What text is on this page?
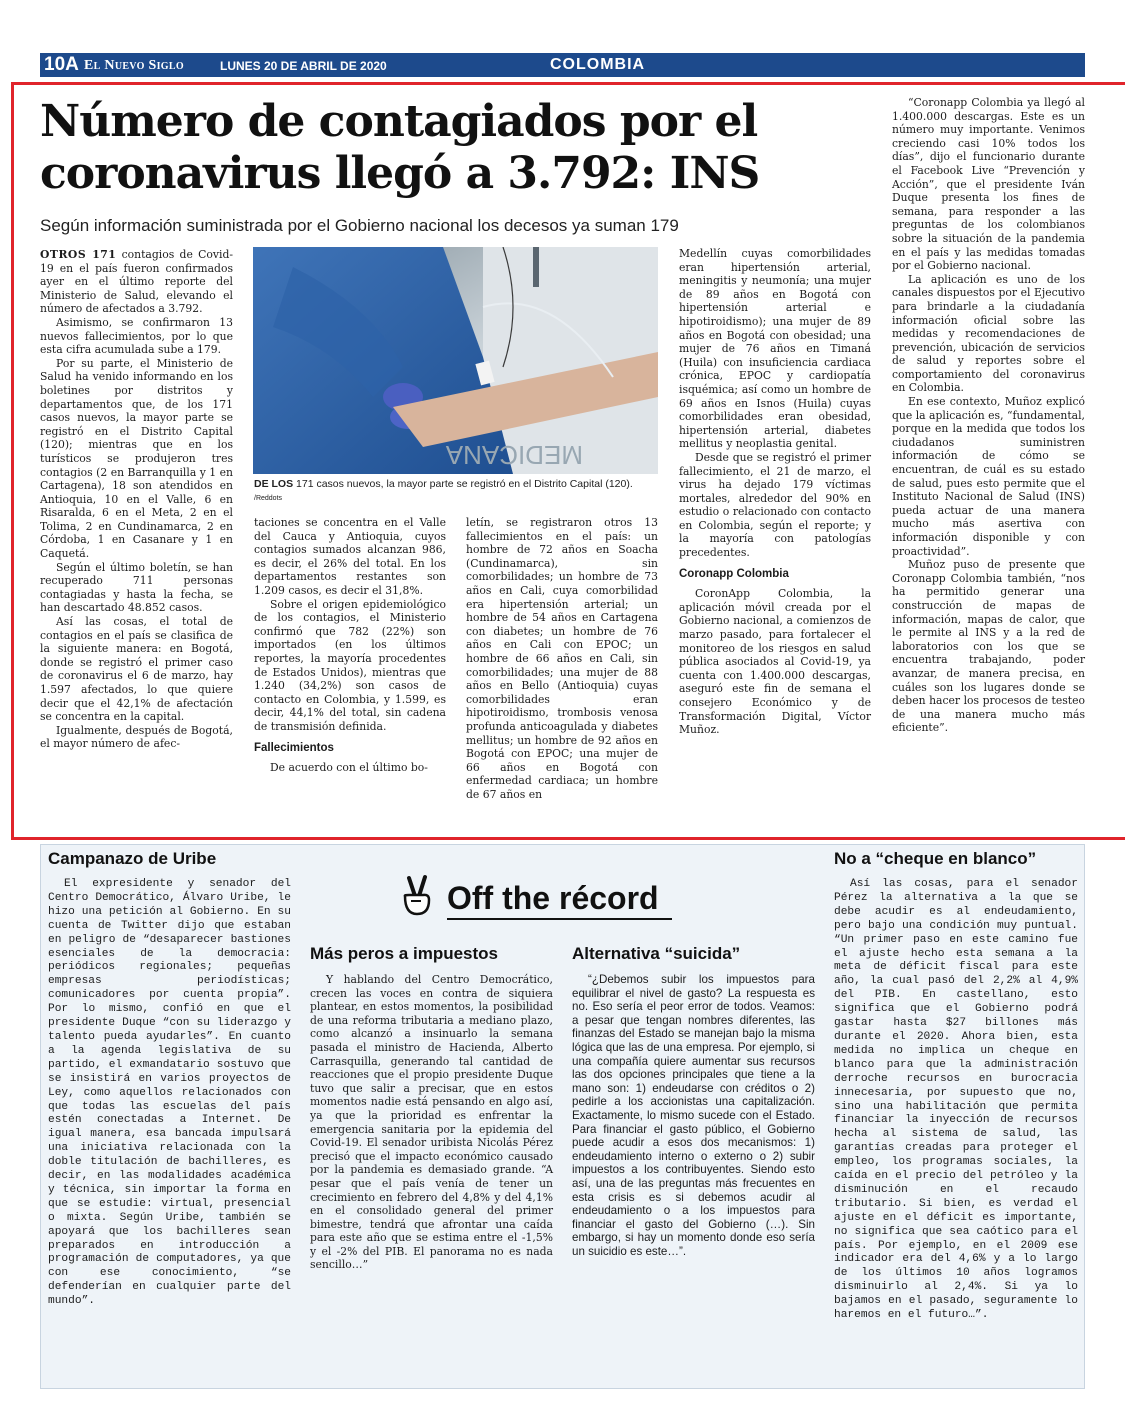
10A El Nuevo Siglo	LUNES 20 DE ABRIL DE 2020	COLOMBIA
Número de contagiados por el
coronavirus llegó a 3.792: INS
Según información suministrada por el Gobierno nacional los decesos ya suman 179

OTROS 171 contagios de Covid-19 en el país fueron confirmados ayer en el último reporte del Ministerio de Salud, elevando el número de afectados a 3.792.

Asimismo, se confirmaron 13 nuevos fallecimientos, por lo que esta cifra acumulada sube a 179.

Por su parte, el Ministerio de Salud ha venido informando en los boletines por distritos y departamentos que, de los 171 casos nuevos, la mayor parte se registró en el Distrito Capital (120); mientras que en los turísticos se produjeron tres contagios (2 en Barranquilla y 1 en Cartagena), 18 son atendidos en Antioquia, 10 en el Valle, 6 en Risaralda, 6 en el Meta, 2 en el Tolima, 2 en Cundinamarca, 2 en Córdoba, 1 en Casanare y 1 en Caquetá.

Según el último boletín, se han recuperado 711 personas contagiadas y hasta la fecha, se han descartado 48.852 casos.

Así las cosas, el total de contagios en el país se clasifica de la siguiente manera: en Bogotá, donde se registró el primer caso de coronavirus el 6 de marzo, hay 1.597 afectados, lo que quiere decir que el 42,1% de afectación se concentra en la capital.

Igualmente, después de Bogotá, el mayor número de afec-

MEDICANA
DE LOS 171 casos nuevos, la mayor parte se registró en el Distrito Capital (120). /Reddots

taciones se concentra en el Valle del Cauca y Antioquia, cuyos contagios sumados alcanzan 986, es decir, el 26% del total. En los departamentos restantes son 1.209 casos, es decir el 31,8%.

Sobre el origen epidemiológico de los contagios, el Ministerio confirmó que 782 (22%) son importados (en los últimos reportes, la mayoría procedentes de Estados Unidos), mientras que 1.240 (34,2%) son casos de contacto en Colombia, y 1.599, es decir, 44,1% del total, sin cadena de transmisión definida.

Fallecimientos

De acuerdo con el último bo-

letín, se registraron otros 13 fallecimientos en el país: un hombre de 72 años en Soacha (Cundinamarca), sin comorbilidades; un hombre de 73 años en Cali, cuya comorbilidad era hipertensión arterial; un hombre de 54 años en Cartagena con diabetes; un hombre de 76 años en Cali con EPOC; un hombre de 66 años en Cali, sin comorbilidades; una mujer de 88 años en Bello (Antioquia) cuyas comorbilidades eran hipotiroidismo, trombosis venosa profunda anticoagulada y diabetes mellitus; un hombre de 92 años en Bogotá con EPOC; una mujer de 66 años en Bogotá con enfermedad cardiaca; un hombre de 67 años en

Medellín cuyas comorbilidades eran hipertensión arterial, meningitis y neumonía; una mujer de 89 años en Bogotá con hipertensión arterial e hipotiroidismo); una mujer de 89 años en Bogotá con obesidad; una mujer de 76 años en Timaná (Huila) con insuficiencia cardiaca crónica, EPOC y cardiopatía isquémica; así como un hombre de 69 años en Isnos (Huila) cuyas comorbilidades eran obesidad, hipertensión arterial, diabetes mellitus y neoplastia genital.

Desde que se registró el primer fallecimiento, el 21 de marzo, el virus ha dejado 179 víctimas mortales, alrededor del 90% en estudio o relacionado con contacto en Colombia, según el reporte; y la mayoría con patologías precedentes.

Coronapp Colombia

CoronApp Colombia, la aplicación móvil creada por el Gobierno nacional, a comienzos de marzo pasado, para fortalecer el monitoreo de los riesgos en salud pública asociados al Covid-19, ya cuenta con 1.400.000 descargas, aseguró este fin de semana el consejero Económico y de Transformación Digital, Víctor Muñoz.

“Coronapp Colombia ya llegó al 1.400.000 descargas. Este es un número muy importante. Venimos creciendo casi 10% todos los días”, dijo el funcionario durante el Facebook Live “Prevención y Acción”, que el presidente Iván Duque presenta los fines de semana, para responder a las preguntas de los colombianos sobre la situación de la pandemia en el país y las medidas tomadas por el Gobierno nacional.

La aplicación es uno de los canales dispuestos por el Ejecutivo para brindarle a la ciudadanía información oficial sobre las medidas y recomendaciones de prevención, ubicación de servicios de salud y reportes sobre el comportamiento del coronavirus en Colombia.

En ese contexto, Muñoz explicó que la aplicación es, “fundamental, porque en la medida que todos los ciudadanos suministren información de cómo se encuentran, de cuál es su estado de salud, pues esto permite que el Instituto Nacional de Salud (INS) pueda actuar de una manera mucho más asertiva con información disponible y con proactividad”.

Muñoz puso de presente que Coronapp Colombia también, “nos ha permitido generar una construcción de mapas de información, mapas de calor, que le permite al INS y a la red de laboratorios con los que se encuentra trabajando, poder avanzar, de manera precisa, en cuáles son los lugares donde se deben hacer los procesos de testeo de una manera mucho más eficiente”.

Off the récord
Campanazo de Uribe

El expresidente y senador del Centro Democrático, Álvaro Uribe, le hizo una petición al Gobierno. En su cuenta de Twitter dijo que estaban en peligro de “desaparecer bastiones esenciales de la democracia: periódicos regionales; pequeñas empresas periodísticas; comunicadores por cuenta propia”. Por lo mismo, confió en que el presidente Duque “con su liderazgo y talento pueda ayudarles”. En cuanto a la agenda legislativa de su partido, el exmandatario sostuvo que se insistirá en varios proyectos de Ley, como aquellos relacionados con que todas las escuelas del país estén conectadas a Internet. De igual manera, esa bancada impulsará una iniciativa relacionada con la doble titulación de bachilleres, es decir, en las modalidades académica y técnica, sin importar la forma en que se estudie: virtual, presencial o mixta. Según Uribe, también se apoyará que los bachilleres sean preparados en introducción a programación de computadores, ya que con ese conocimiento, “se defenderían en cualquier parte del mundo”.

Más peros a impuestos

Y hablando del Centro Democrático, crecen las voces en contra de siquiera plantear, en estos momentos, la posibilidad de una reforma tributaria a mediano plazo, como alcanzó a insinuarlo la semana pasada el ministro de Hacienda, Alberto Carrasquilla, generando tal cantidad de reacciones que el propio presidente Duque tuvo que salir a precisar, que en estos momentos nadie está pensando en algo así, ya que la prioridad es enfrentar la emergencia sanitaria por la epidemia del Covid-19. El senador uribista Nicolás Pérez precisó que el impacto económico causado por la pandemia es demasiado grande. “A pesar que el país venía de tener un crecimiento en febrero del 4,8% y del 4,1% en el consolidado general del primer bimestre, tendrá que afrontar una caída para este año que se estima entre el -1,5% y el -2% del PIB. El panorama no es nada sencillo…”

Alternativa “suicida”

“¿Debemos subir los impuestos para equilibrar el nivel de gasto? La respuesta es no. Eso sería el peor error de todos. Veamos: a pesar que tengan nombres diferentes, las finanzas del Estado se manejan bajo la misma lógica que las de una empresa. Por ejemplo, si una compañía quiere aumentar sus recursos las dos opciones principales que tiene a la mano son: 1) endeudarse con créditos o 2) pedirle a los accionistas una capitalización. Exactamente, lo mismo sucede con el Estado. Para financiar el gasto público, el Gobierno puede acudir a esos dos mecanismos: 1) endeudamiento interno o externo o 2) subir impuestos a los contribuyentes. Siendo esto así, una de las preguntas más frecuentes en esta crisis es si debemos acudir al endeudamiento o a los impuestos para financiar el gasto del Gobierno (…). Sin embargo, si hay un momento donde eso sería un suicidio es este…”.

No a “cheque en blanco”

Así las cosas, para el senador Pérez la alternativa a la que se debe acudir es al endeudamiento, pero bajo una condición muy puntual. “Un primer paso en este camino fue el ajuste hecho esta semana a la meta de déficit fiscal para este año, la cual pasó del 2,2% al 4,9% del PIB. En castellano, esto significa que el Gobierno podrá gastar hasta $27 billones más durante el 2020. Ahora bien, esta medida no implica un cheque en blanco para que la administración derroche recursos en burocracia innecesaria, por supuesto que no, sino una habilitación que permita financiar la inyección de recursos hecha al sistema de salud, las garantías creadas para proteger el empleo, los programas sociales, la caída en el precio del petróleo y la disminución en el recaudo tributario. Si bien, es verdad el ajuste en el déficit es importante, no significa que sea caótico para el país. Por ejemplo, en el 2009 ese indicador era del 4,6% y a lo largo de los últimos 10 años logramos disminuirlo al 2,4%. Si ya lo bajamos en el pasado, seguramente lo haremos en el futuro…”.
